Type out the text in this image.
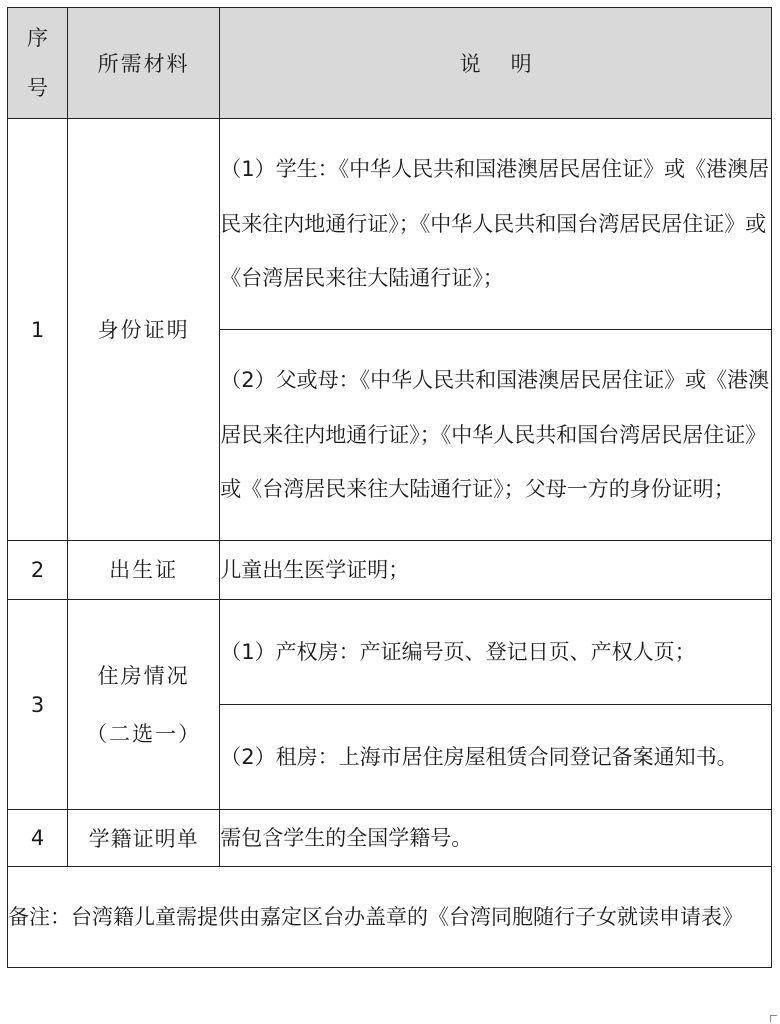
序
号	所需材料	说明
1	身份证明	（1）学生：《中华人民共和国港澳居民居住证》或《港澳居民来往内地通行证》；《中华人民共和国台湾居民居住证》或《台湾居民来往大陆通行证》；
		（2）父或母：《中华人民共和国港澳居民居住证》或《港澳居民来往内地通行证》；《中华人民共和国台湾居民居住证》或《台湾居民来往大陆通行证》；父母一方的身份证明；
2	出生证	儿童出生医学证明；
3	住房情况
（二选一）	（1）产权房：产证编号页、登记日页、产权人页；
		（2）租房：上海市居住房屋租赁合同登记备案通知书。
4	学籍证明单	需包含学生的全国学籍号。
备注：台湾籍儿童需提供由嘉定区台办盖章的《台湾同胞随行子女就读申请表》		
